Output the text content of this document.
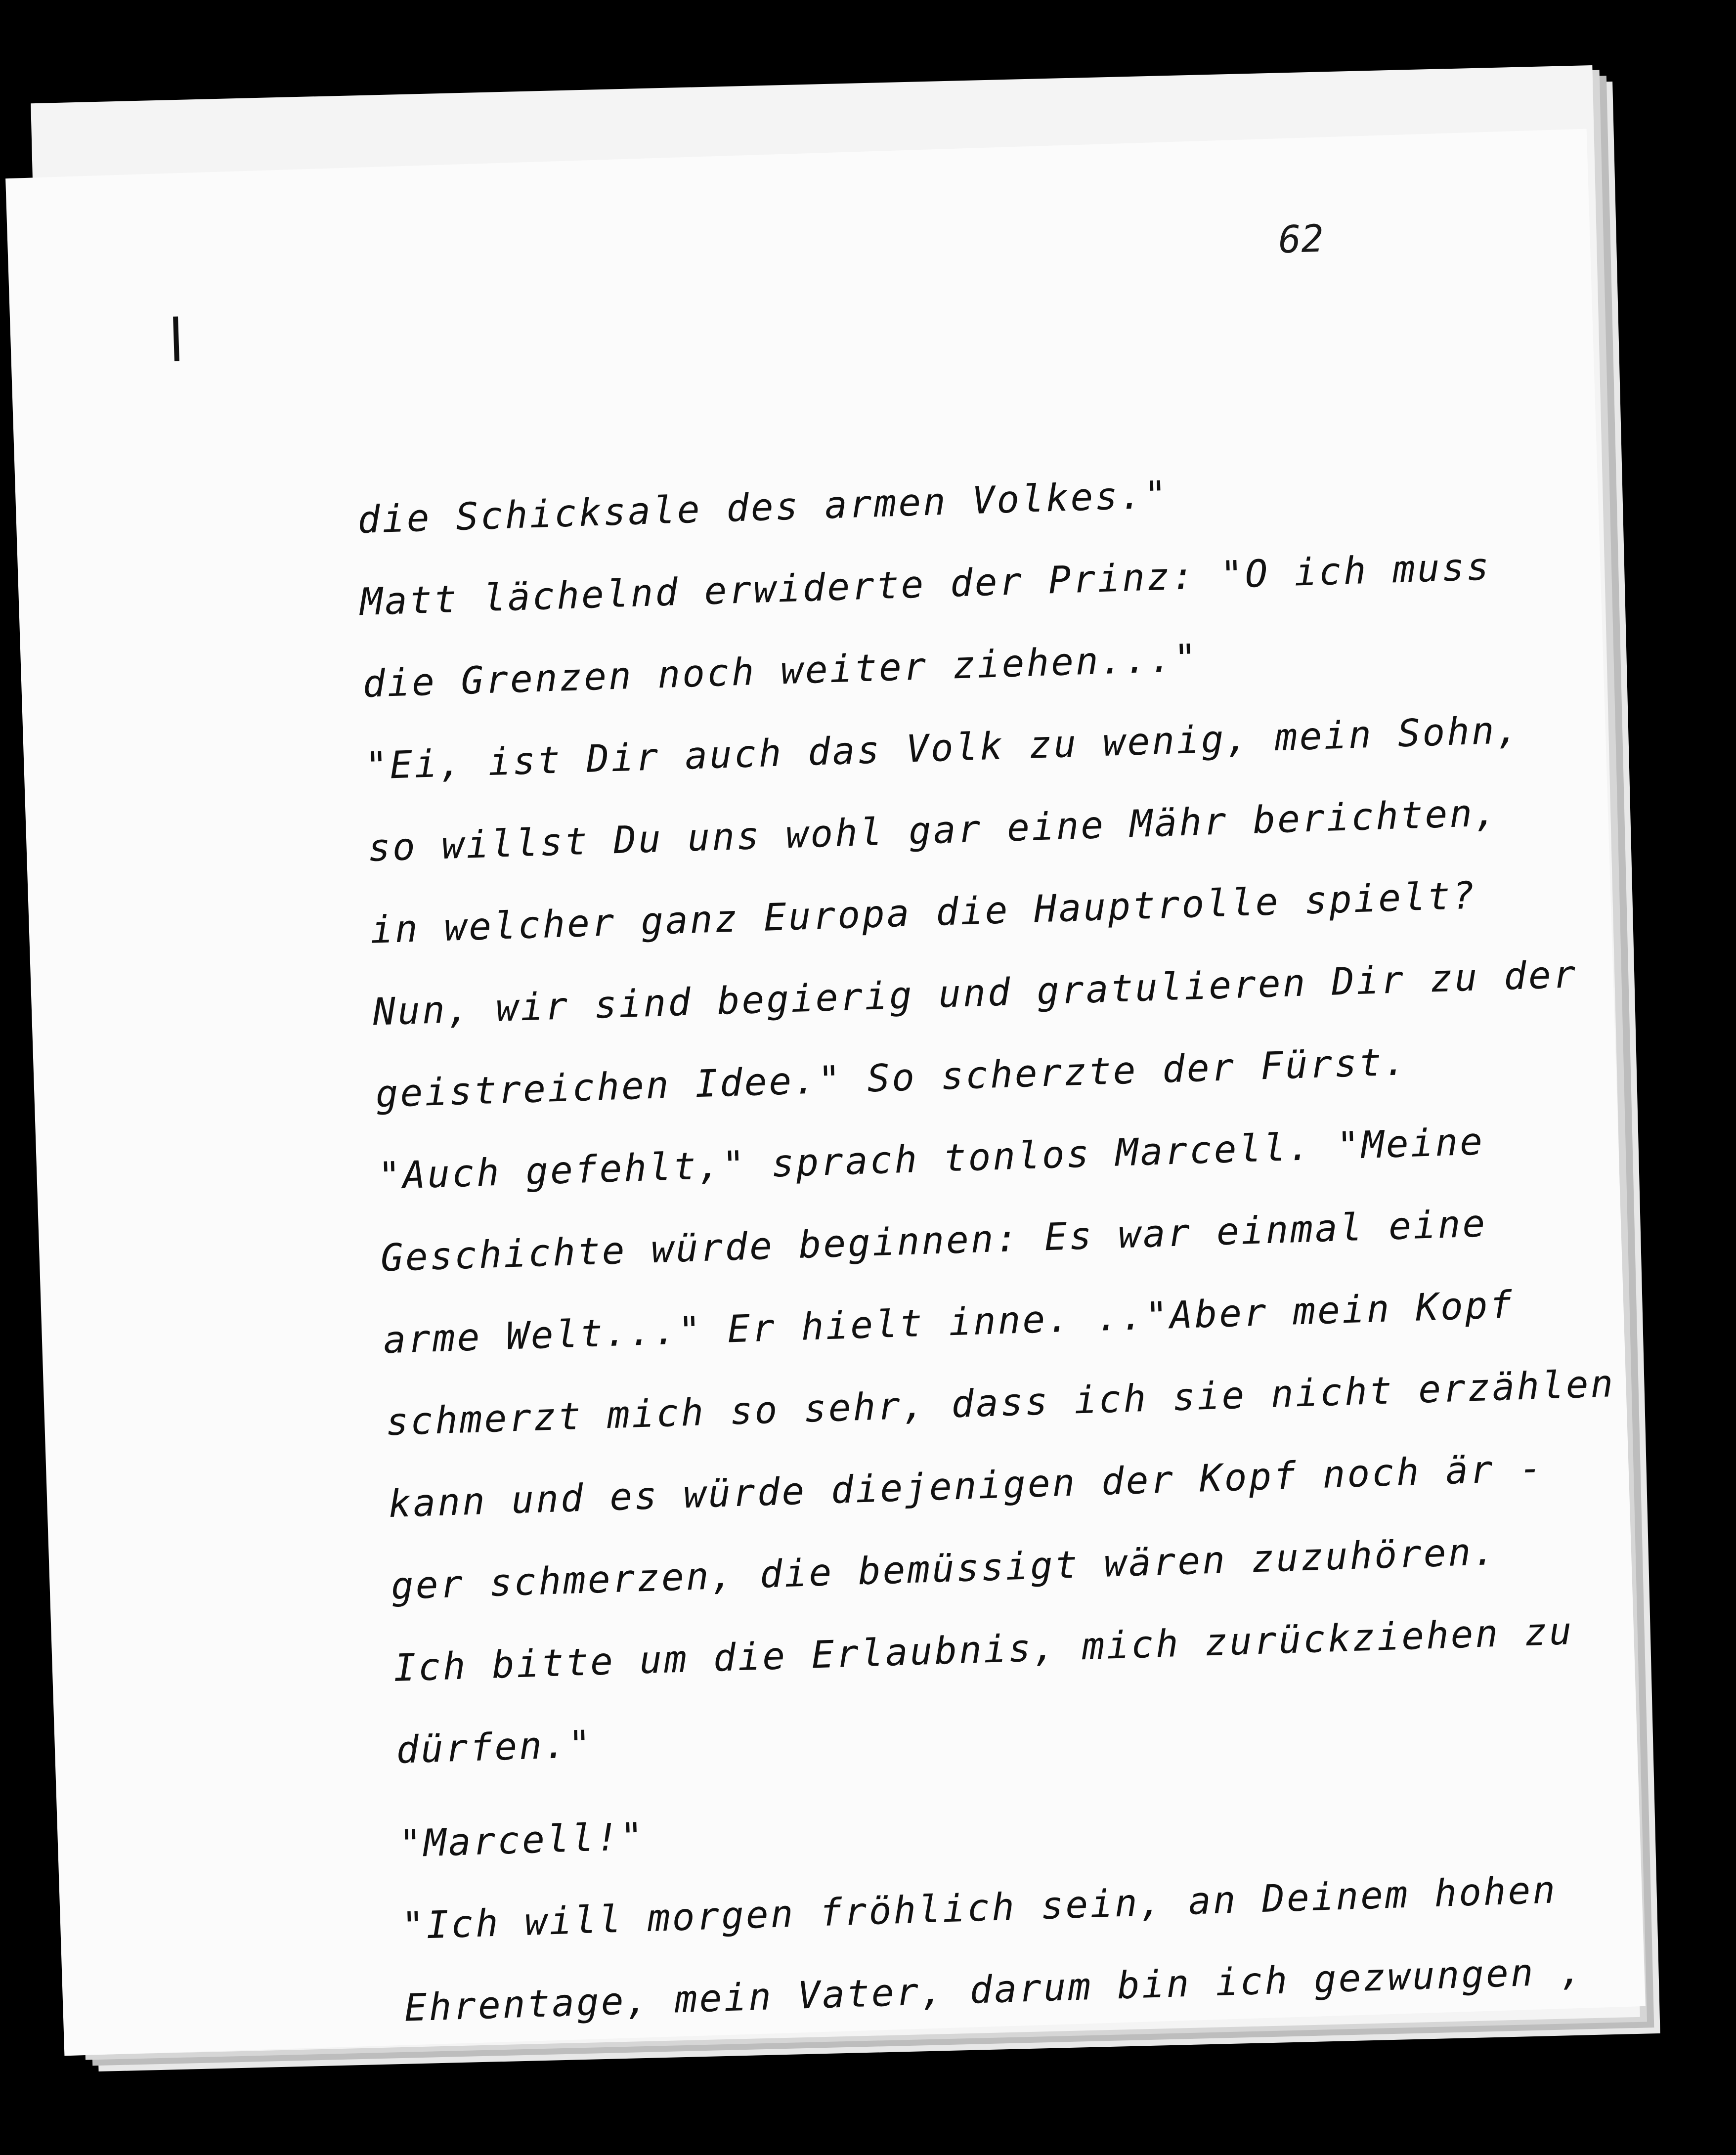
62
die Schicksale des armen Volkes."
Matt lächelnd erwiderte der Prinz: "O ich muss
die Grenzen noch weiter ziehen..."
"Ei, ist Dir auch das Volk zu wenig, mein Sohn,
so willst Du uns wohl gar eine Mähr berichten,
in welcher ganz Europa die Hauptrolle spielt?
Nun, wir sind begierig und gratulieren Dir zu der
geistreichen Idee." So scherzte der Fürst.
"Auch gefehlt," sprach tonlos Marcell. "Meine
Geschichte würde beginnen: Es war einmal eine
arme Welt..." Er hielt inne. .."Aber mein Kopf
schmerzt mich so sehr, dass ich sie nicht erzählen
kann und es würde diejenigen der Kopf noch är -
ger schmerzen, die bemüssigt wären zuzuhören.
Ich bitte um die Erlaubnis, mich zurückziehen zu
dürfen."
"Marcell!"
"Ich will morgen fröhlich sein, an Deinem hohen
Ehrentage, mein Vater, darum bin ich gezwungen ,
